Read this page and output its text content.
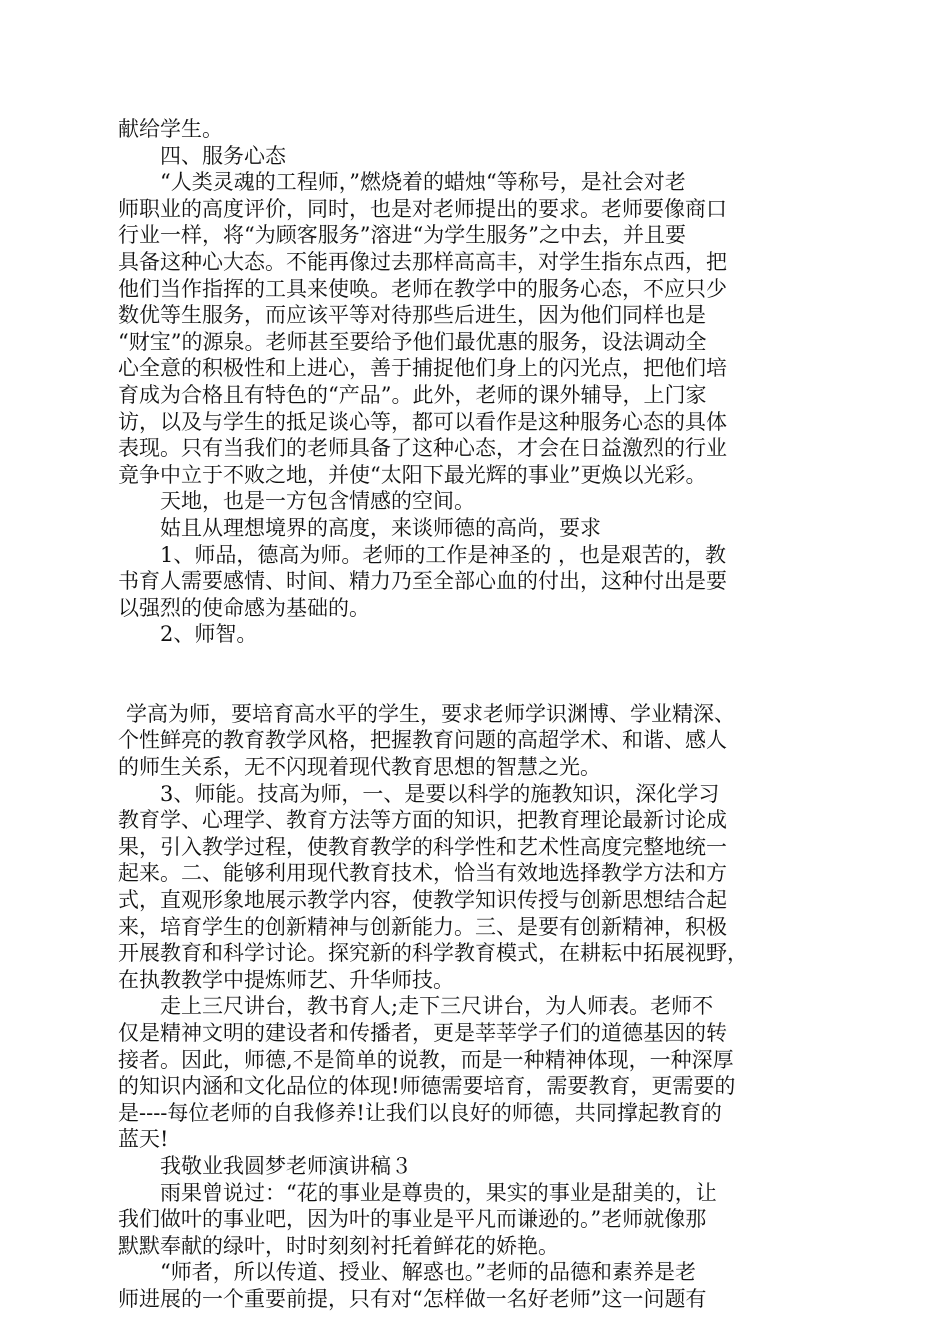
献给学生。
四、服务心态
“人类灵魂的工程师，”燃烧着的蜡烛“等称号，是社会对老
师职业的高度评价，同时，也是对老师提出的要求。老师要像商口
行业一样，将“为顾客服务”溶进“为学生服务”之中去，并且要
具备这种心大态。不能再像过去那样高高丰，对学生指东点西，把
他们当作指挥的工具来使唤。老师在教学中的服务心态，不应只少
数优等生服务，而应该平等对待那些后进生，因为他们同样也是
“财宝”的源泉。老师甚至要给予他们最优惠的服务，设法调动全
心全意的积极性和上进心，善于捕捉他们身上的闪光点，把他们培
育成为合格且有特色的“产品”。此外，老师的课外辅导，上门家
访，以及与学生的抵足谈心等，都可以看作是这种服务心态的具体
表现。只有当我们的老师具备了这种心态，才会在日益激烈的行业
竟争中立于不败之地，并使“太阳下最光辉的事业”更焕以光彩。
天地，也是一方包含情感的空间。
姑且从理想境界的高度，来谈师德的高尚，要求
1、师品，德高为师。老师的工作是神圣的 ，也是艰苦的，教
书育人需要感情、时间、精力乃至全部心血的付出，这种付出是要
以强烈的使命感为基础的。
2、师智。
学高为师，要培育高水平的学生，要求老师学识渊博、学业精深、
个性鲜亮的教育教学风格，把握教育问题的高超学术、和谐、感人
的师生关系，无不闪现着现代教育思想的智慧之光。
3、师能。技高为师，一、是要以科学的施教知识，深化学习
教育学、心理学、教育方法等方面的知识，把教育理论最新讨论成
果，引入教学过程，使教育教学的科学性和艺术性高度完整地统一
起来。二、能够利用现代教育技术，恰当有效地选择教学方法和方
式，直观形象地展示教学内容，使教学知识传授与创新思想结合起
来，培育学生的创新精神与创新能力。三、是要有创新精神，积极
开展教育和科学讨论。探究新的科学教育模式，在耕耘中拓展视野，
在执教教学中提炼师艺、升华师技。
走上三尺讲台，教书育人;走下三尺讲台，为人师表。老师不
仅是精神文明的建设者和传播者，更是莘莘学子们的道德基因的转
接者。因此，师德,不是简单的说教，而是一种精神体现，一种深厚
的知识内涵和文化品位的体现!师德需要培育，需要教育，更需要的
是----每位老师的自我修养!让我们以良好的师德，共同撑起教育的
蓝天!
我敬业我圆梦老师演讲稿３
雨果曾说过：“花的事业是尊贵的，果实的事业是甜美的，让
我们做叶的事业吧，因为叶的事业是平凡而谦逊的。”老师就像那
默默奉献的绿叶，时时刻刻衬托着鲜花的娇艳。
“师者，所以传道、授业、解惑也。”老师的品德和素养是老
师进展的一个重要前提，只有对“怎样做一名好老师”这一问题有
